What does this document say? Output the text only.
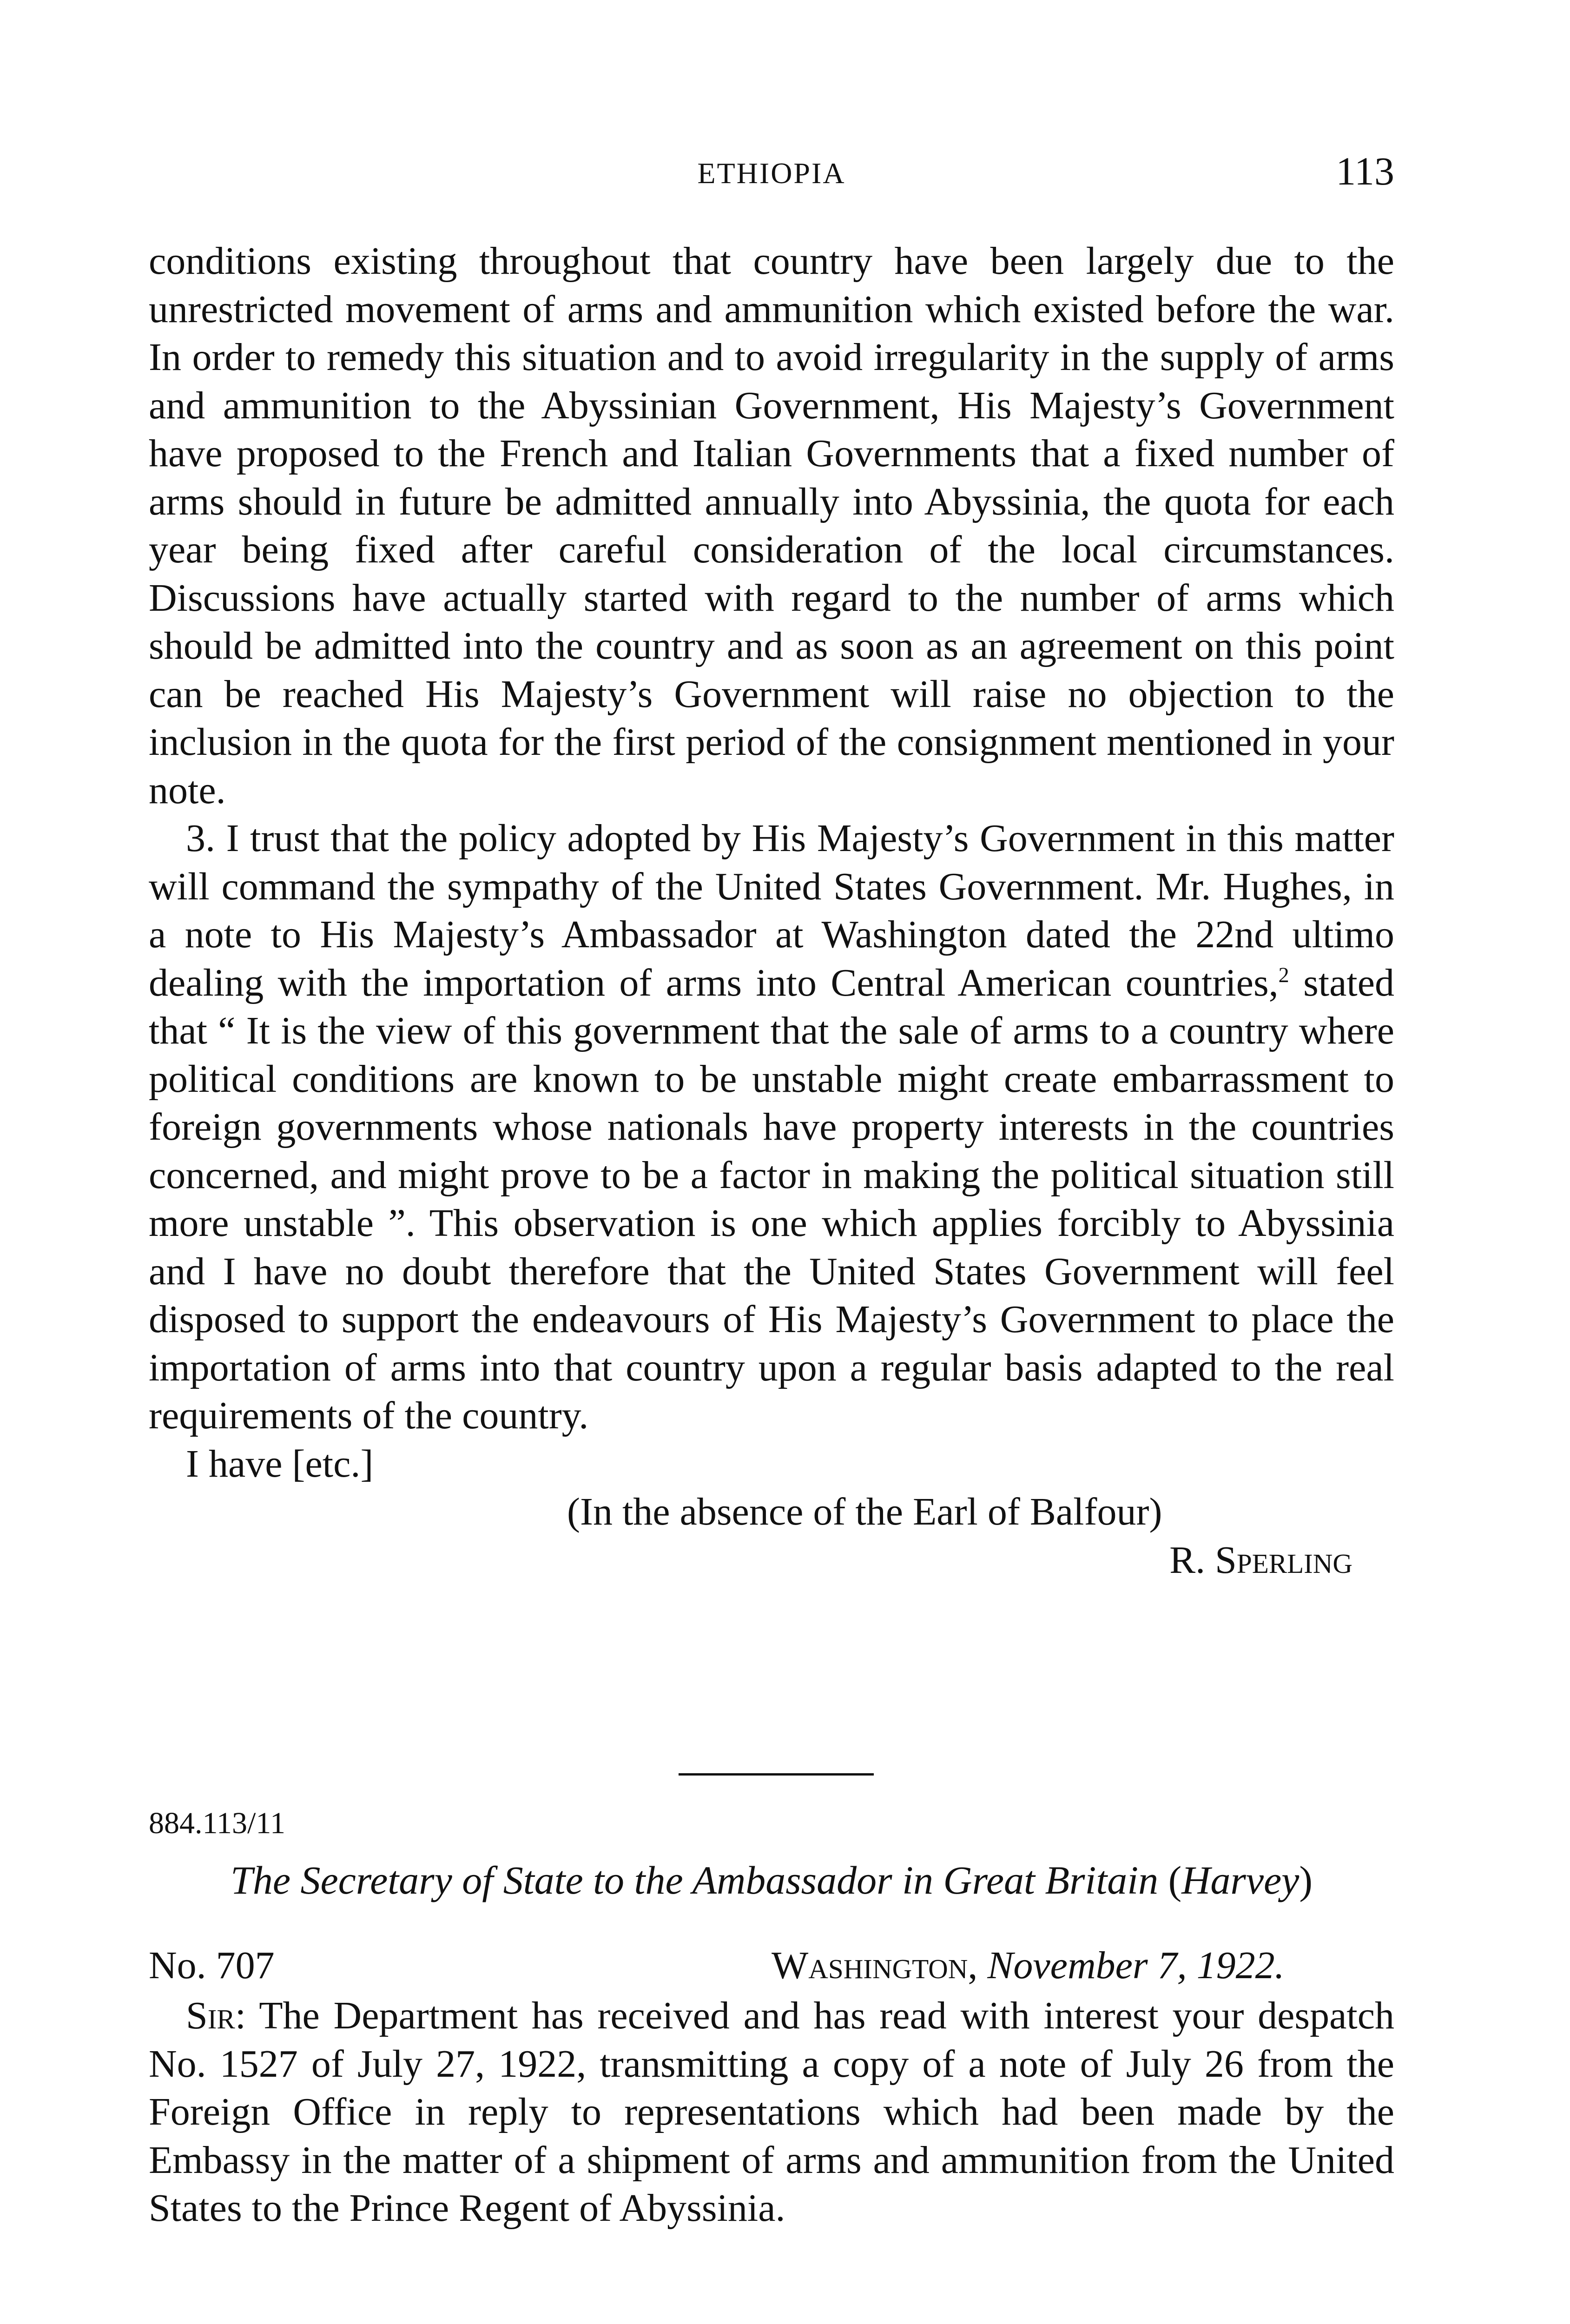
ETHIOPIA	113

conditions existing throughout that country have been largely due to the unrestricted movement of arms and ammunition which existed before the war. In order to remedy this situation and to avoid irregularity in the supply of arms and ammunition to the Abyssinian Government, His Majesty’s Government have proposed to the French and Italian Governments that a fixed number of arms should in future be admitted annually into Abyssinia, the quota for each year being fixed after careful consideration of the local circumstances. Discussions have actually started with regard to the number of arms which should be admitted into the country and as soon as an agreement on this point can be reached His Majesty’s Government will raise no objection to the inclusion in the quota for the first period of the consignment mentioned in your note.

3. I trust that the policy adopted by His Majesty’s Government in this matter will command the sympathy of the United States Government. Mr. Hughes, in a note to His Majesty’s Ambassador at Washington dated the 22nd ultimo dealing with the importation of arms into Central American countries,$^2$ stated that “ It is the view of this government that the sale of arms to a country where political conditions are known to be unstable might create embarrassment to foreign governments whose nationals have property interests in the countries concerned, and might prove to be a factor in making the political situation still more unstable ”. This observation is one which applies forcibly to Abyssinia and I have no doubt therefore that the United States Government will feel disposed to support the endeavours of His Majesty’s Government to place the importation of arms into that country upon a regular basis adapted to the real requirements of the country.

I have [etc.]

(In the absence of the Earl of Balfour)

R. Sperling

884.113/11
The Secretary of State to the Ambassador in Great Britain (Harvey)
No. 707	Washington, November 7, 1922.

Sir: The Department has received and has read with interest your despatch No. 1527 of July 27, 1922, transmitting a copy of a note of July 26 from the Foreign Office in reply to representations which had been made by the Embassy in the matter of a shipment of arms and ammunition from the United States to the Prince Regent of Abyssinia.
